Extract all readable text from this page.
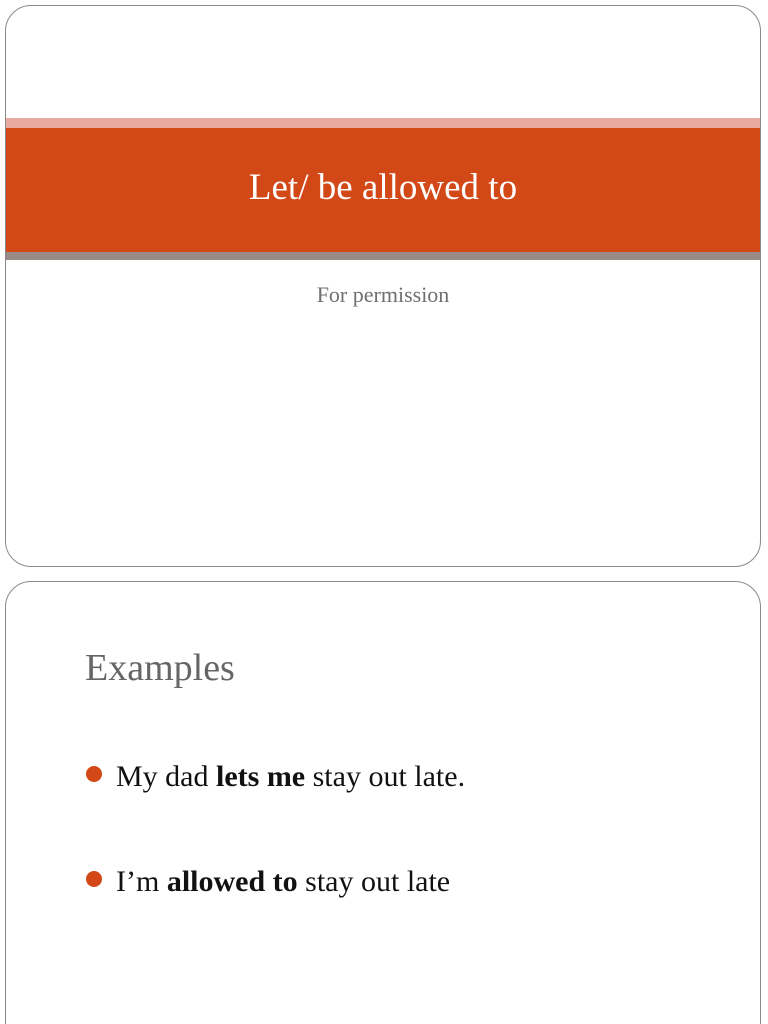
Let/ be allowed to
For permission
Examples
My dad lets me stay out late.
I’m allowed to stay out late
